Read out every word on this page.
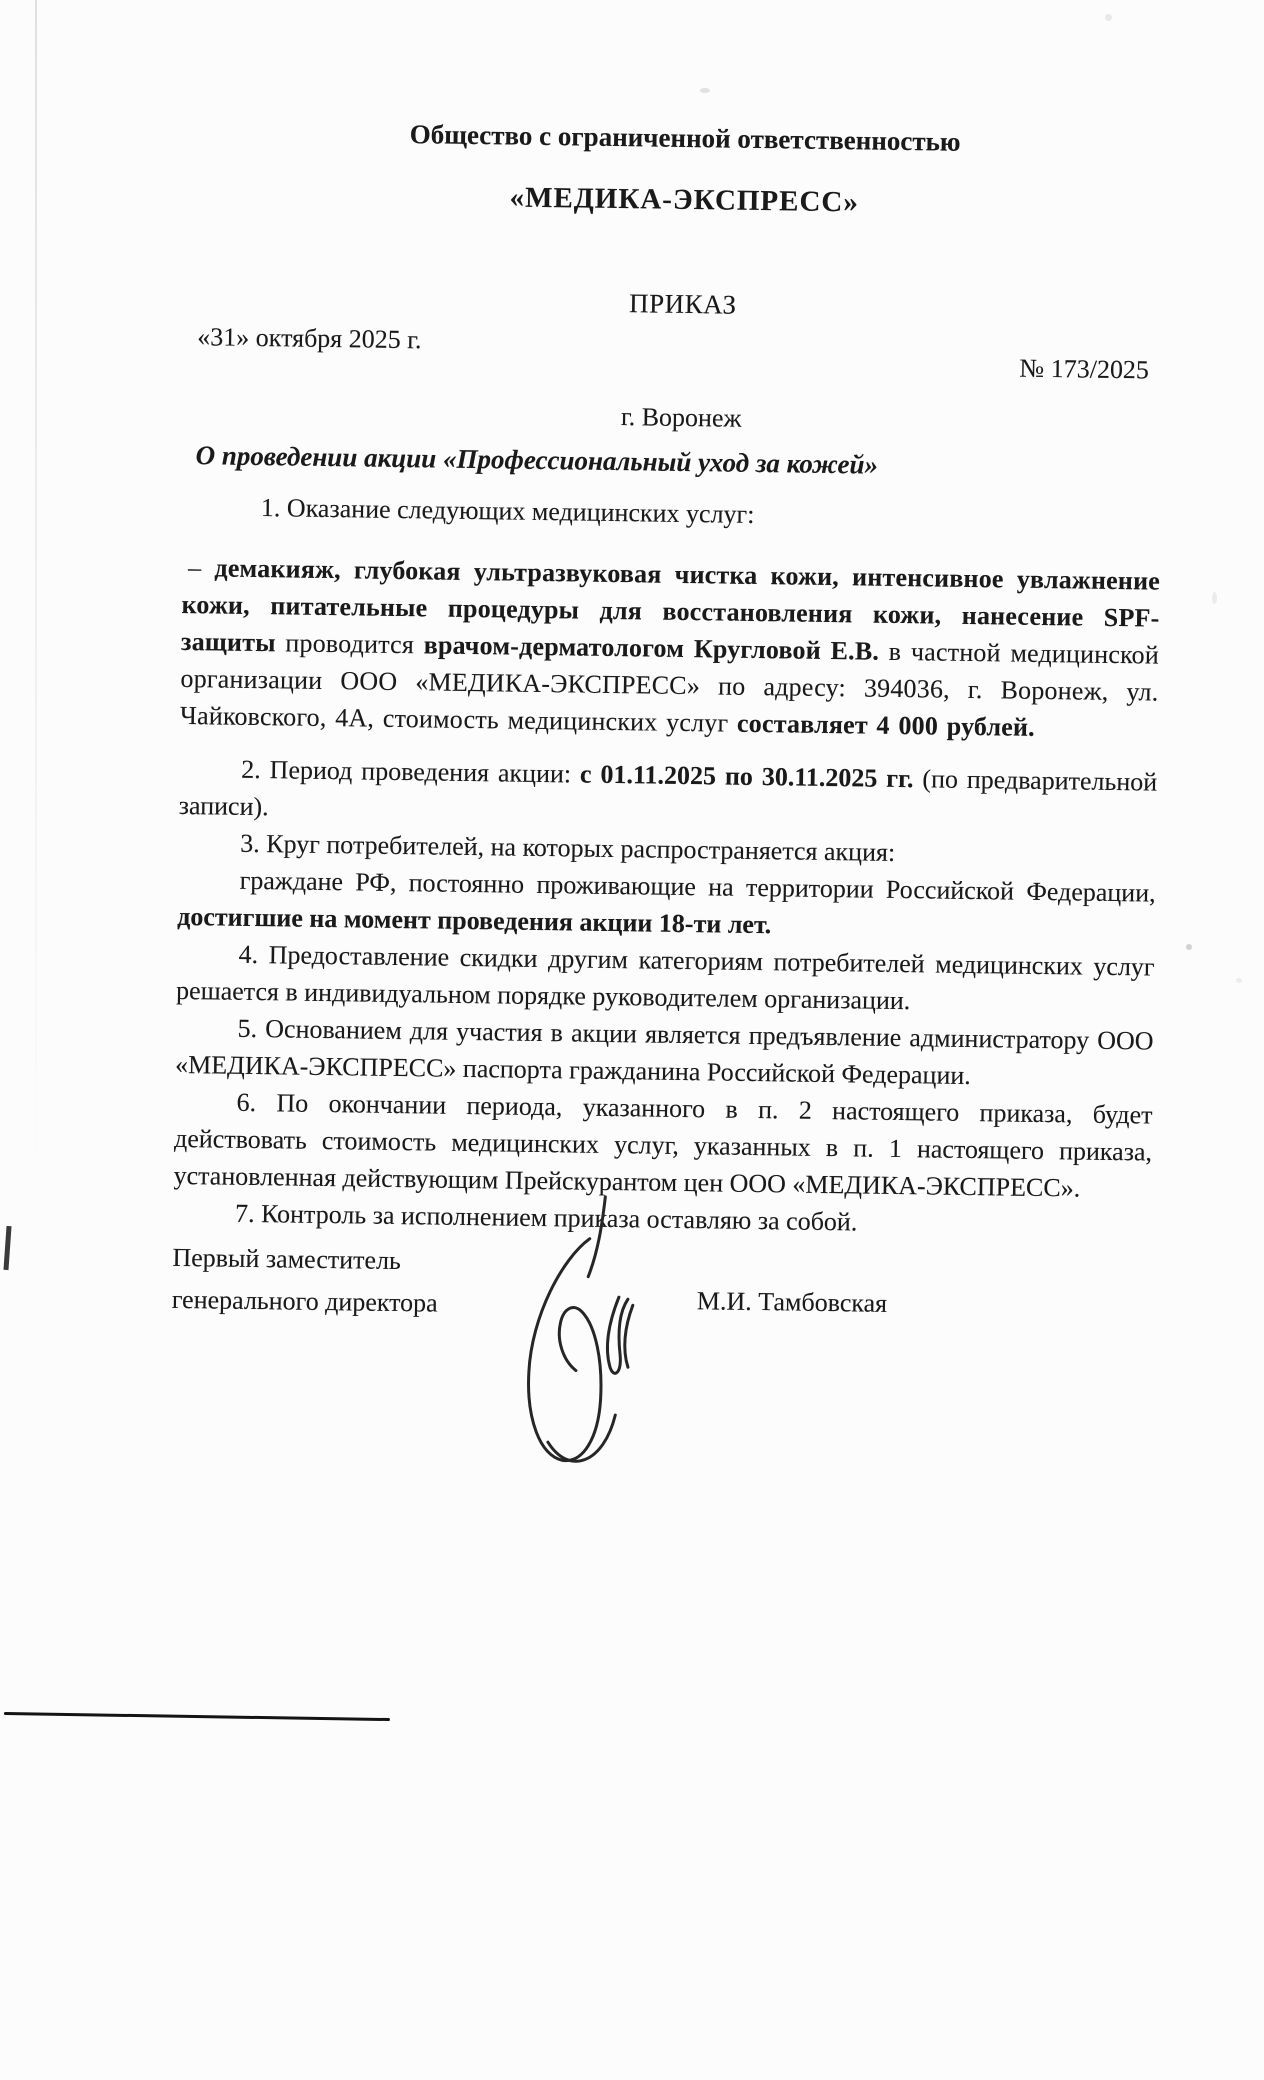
Общество с ограниченной ответственностью
«МЕДИКА-ЭКСПРЕСС»
ПРИКАЗ
«31» октября 2025 г.
№ 173/2025
г. Воронеж
О проведении акции «Профессиональный уход за кожей»

1. Оказание следующих медицинских услуг:

– демакияж, глубокая ультразвуковая чистка кожи, интенсивное увлажнение кожи, питательные процедуры для восстановления кожи, нанесение SPF-защиты проводится врачом-дерматологом Кругловой Е.В. в частной медицинской организации ООО «МЕДИКА-ЭКСПРЕСС» по адресу: 394036, г. Воронеж, ул. Чайковского, 4А, стоимость медицинских услуг составляет 4 000 рублей.

2. Период проведения акции: с 01.11.2025 по 30.11.2025 гг. (по предварительной записи).

3. Круг потребителей, на которых распространяется акция:

граждане РФ, постоянно проживающие на территории Российской Федерации, достигшие на момент проведения акции 18-ти лет.

4. Предоставление скидки другим категориям потребителей медицинских услуг решается в индивидуальном порядке руководителем организации.

5. Основанием для участия в акции является предъявление администратору ООО «МЕДИКА-ЭКСПРЕСС» паспорта гражданина Российской Федерации.

6. По окончании периода, указанного в п. 2 настоящего приказа, будет действовать стоимость медицинских услуг, указанных в п. 1 настоящего приказа, установленная действующим Прейскурантом цен ООО «МЕДИКА-ЭКСПРЕСС».

7. Контроль за исполнением приказа оставляю за собой.

Первый заместитель
генерального директора	М.И. Тамбовская
